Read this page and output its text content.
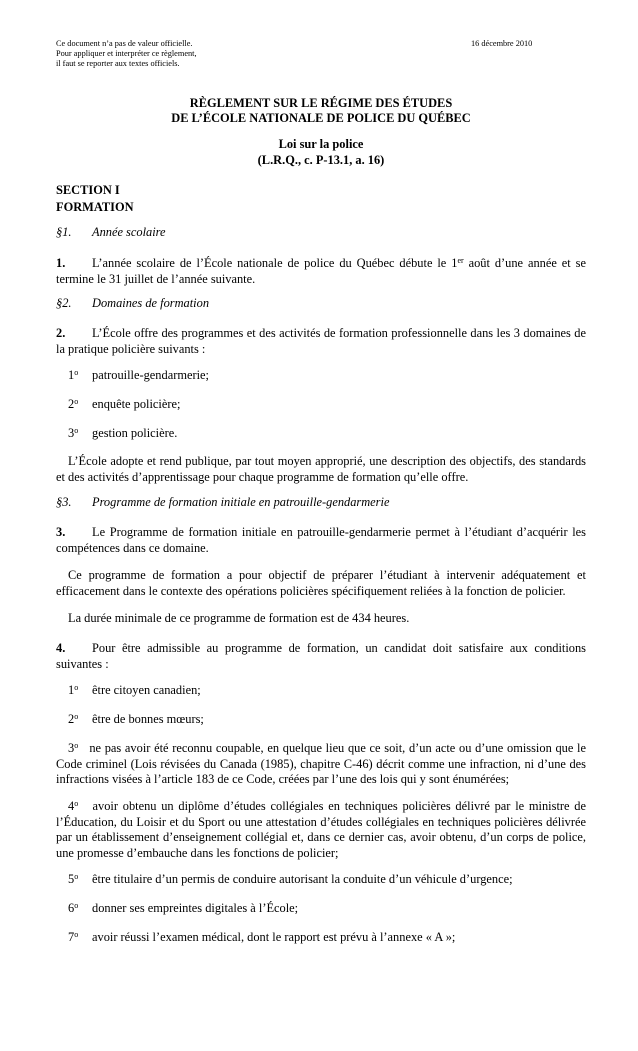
Ce document n’a pas de valeur officielle.
Pour appliquer et interpréter ce règlement,
il faut se reporter aux textes officiels.
16 décembre 2010
RÈGLEMENT SUR LE RÉGIME DES ÉTUDES
DE L’ÉCOLE NATIONALE DE POLICE DU QUÉBEC
Loi sur la police
(L.R.Q., c. P-13.1, a. 16)
SECTION I
FORMATION
§1. Année scolaire
1. L’année scolaire de l’École nationale de police du Québec débute le 1er août d’une année et se termine le 31 juillet de l’année suivante.
§2. Domaines de formation
2. L’École offre des programmes et des activités de formation professionnelle dans les 3 domaines de la pratique policière suivants :
1$^o$ patrouille-gendarmerie;
2$^o$ enquête policière;
3$^o$ gestion policière.
L’École adopte et rend publique, par tout moyen approprié, une description des objectifs, des standards et des activités d’apprentissage pour chaque programme de formation qu’elle offre.
§3. Programme de formation initiale en patrouille-gendarmerie
3. Le Programme de formation initiale en patrouille-gendarmerie permet à l’étudiant d’acquérir les compétences dans ce domaine.
Ce programme de formation a pour objectif de préparer l’étudiant à intervenir adéquatement et efficacement dans le contexte des opérations policières spécifiquement reliées à la fonction de policier.
La durée minimale de ce programme de formation est de 434 heures.
4. Pour être admissible au programme de formation, un candidat doit satisfaire aux conditions suivantes :
1$^o$ être citoyen canadien;
2$^o$ être de bonnes mœurs;
3$^o$ ne pas avoir été reconnu coupable, en quelque lieu que ce soit, d’un acte ou d’une omission que le Code criminel (Lois révisées du Canada (1985), chapitre C-46) décrit comme une infraction, ni d’une des infractions visées à l’article 183 de ce Code, créées par l’une des lois qui y sont énumérées;
4$^o$ avoir obtenu un diplôme d’études collégiales en techniques policières délivré par le ministre de l’Éducation, du Loisir et du Sport ou une attestation d’études collégiales en techniques policières délivrée par un établissement d’enseignement collégial et, dans ce dernier cas, avoir obtenu, d’un corps de police, une promesse d’embauche dans les fonctions de policier;
5$^o$ être titulaire d’un permis de conduire autorisant la conduite d’un véhicule d’urgence;
6$^o$ donner ses empreintes digitales à l’École;
7$^o$ avoir réussi l’examen médical, dont le rapport est prévu à l’annexe « A »;
